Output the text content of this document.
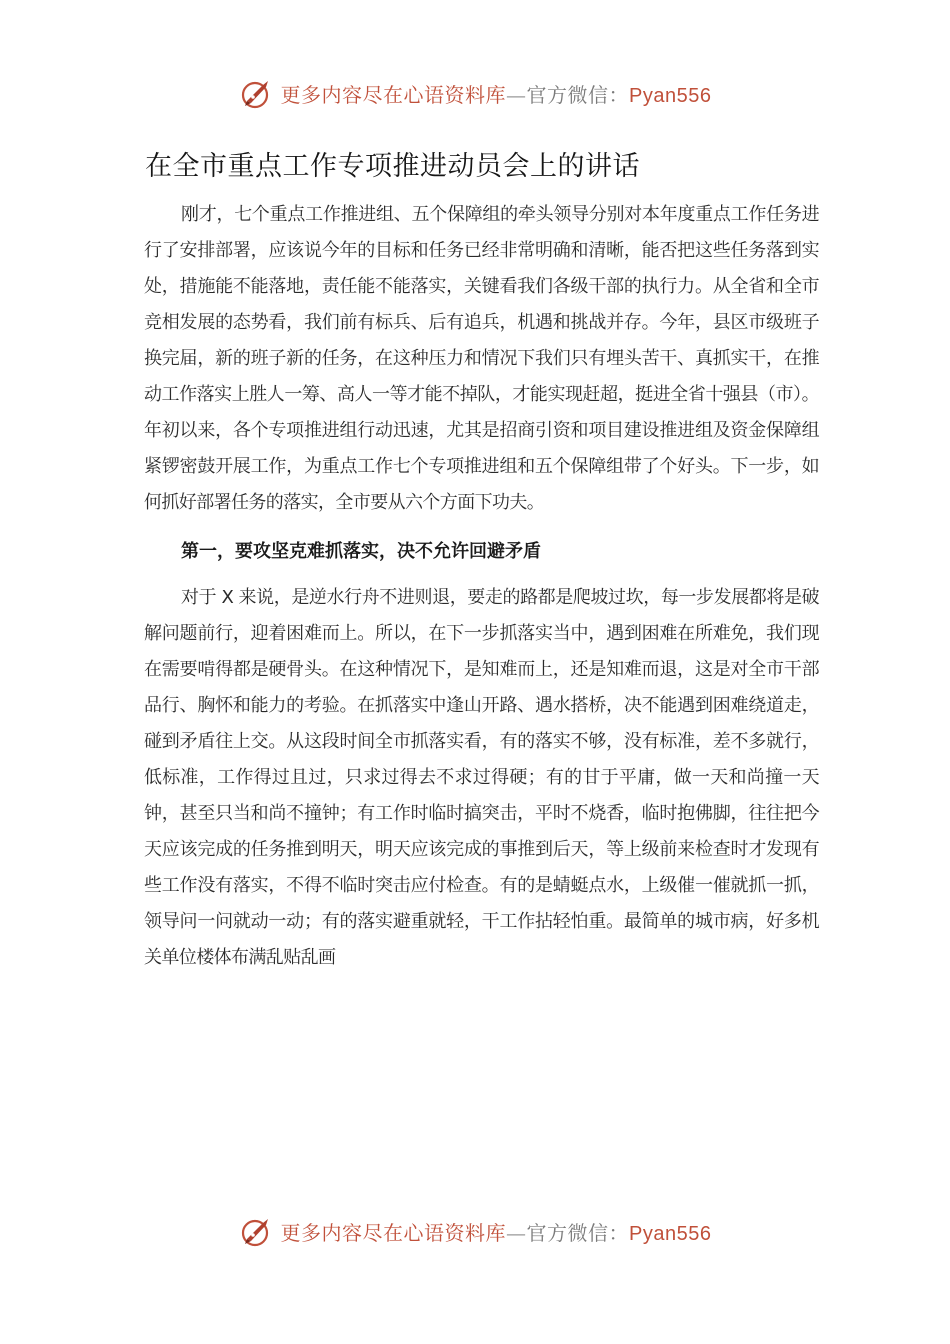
更多内容尽在心语资料库—官方微信：Pyan556
在全市重点工作专项推进动员会上的讲话

刚才，七个重点工作推进组、五个保障组的牵头领导分别对本年度重点工作任务进行了安排部署，应该说今年的目标和任务已经非常明确和清晰，能否把这些任务落到实处，措施能不能落地，责任能不能落实，关键看我们各级干部的执行力。从全省和全市竞相发展的态势看，我们前有标兵、后有追兵，机遇和挑战并存。今年，县区市级班子换完届，新的班子新的任务，在这种压力和情况下我们只有埋头苦干、真抓实干，在推动工作落实上胜人一筹、高人一等才能不掉队，才能实现赶超，挺进全省十强县（市）。年初以来，各个专项推进组行动迅速，尤其是招商引资和项目建设推进组及资金保障组紧锣密鼓开展工作，为重点工作七个专项推进组和五个保障组带了个好头。下一步，如何抓好部署任务的落实，全市要从六个方面下功夫。

第一，要攻坚克难抓落实，决不允许回避矛盾

对于 X 来说，是逆水行舟不进则退，要走的路都是爬坡过坎，每一步发展都将是破解问题前行，迎着困难而上。所以，在下一步抓落实当中，遇到困难在所难免，我们现在需要啃得都是硬骨头。在这种情况下，是知难而上，还是知难而退，这是对全市干部品行、胸怀和能力的考验。在抓落实中逢山开路、遇水搭桥，决不能遇到困难绕道走，碰到矛盾往上交。从这段时间全市抓落实看，有的落实不够，没有标准，差不多就行，低标准，工作得过且过，只求过得去不求过得硬；有的甘于平庸，做一天和尚撞一天钟，甚至只当和尚不撞钟；有工作时临时搞突击，平时不烧香，临时抱佛脚，往往把今天应该完成的任务推到明天，明天应该完成的事推到后天，等上级前来检查时才发现有些工作没有落实，不得不临时突击应付检查。有的是蜻蜓点水，上级催一催就抓一抓，领导问一问就动一动；有的落实避重就轻，干工作拈轻怕重。最简单的城市病，好多机关单位楼体布满乱贴乱画

更多内容尽在心语资料库—官方微信：Pyan556
